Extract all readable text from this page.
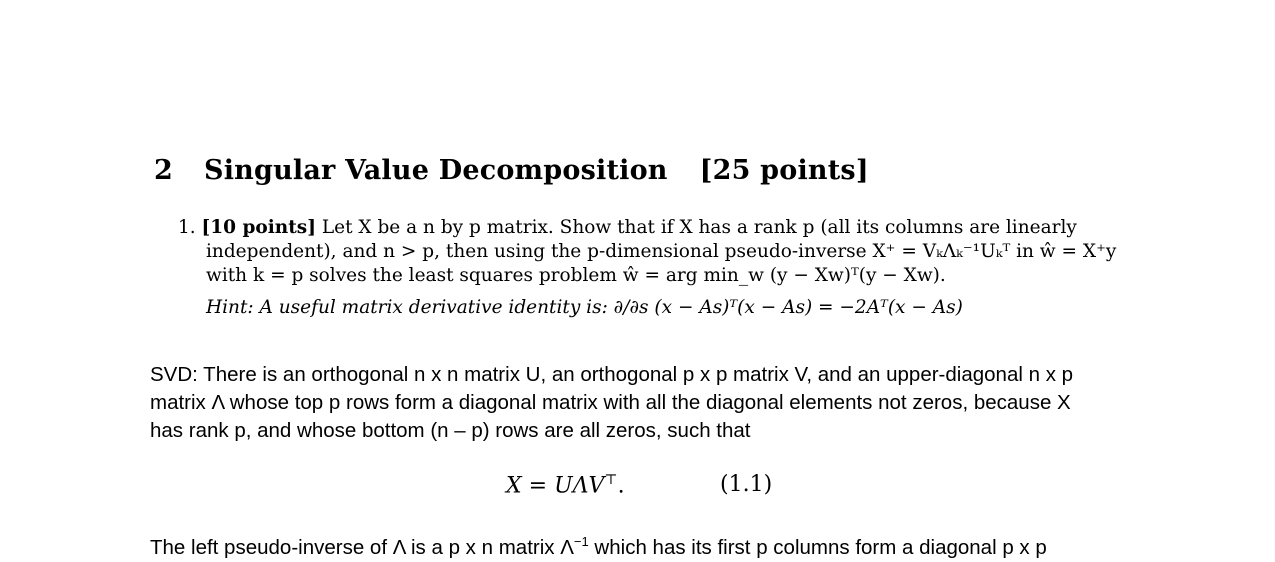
2 Singular Value Decomposition [25 points]
1. [10 points] Let X be a n by p matrix. Show that if X has a rank p (all its columns are linearly
independent), and n > p, then using the p-dimensional pseudo-inverse X⁺ = VₖΛₖ⁻¹Uₖᵀ in ŵ = X⁺y
with k = p solves the least squares problem ŵ = arg min_w (y − Xw)ᵀ(y − Xw).
Hint: A useful matrix derivative identity is: ∂/∂s (x − As)ᵀ(x − As) = −2Aᵀ(x − As)
SVD: There is an orthogonal n x n matrix U, an orthogonal p x p matrix V, and an upper-diagonal n x p
matrix Λ whose top p rows form a diagonal matrix with all the diagonal elements not zeros, because X
has rank p, and whose bottom (n – p) rows are all zeros, such that
X = UΛV⊤.	(1.1)
The left pseudo-inverse of Λ is a p x n matrix $\Lambda^{-1}$ which has its first p columns form a diagonal p x p
